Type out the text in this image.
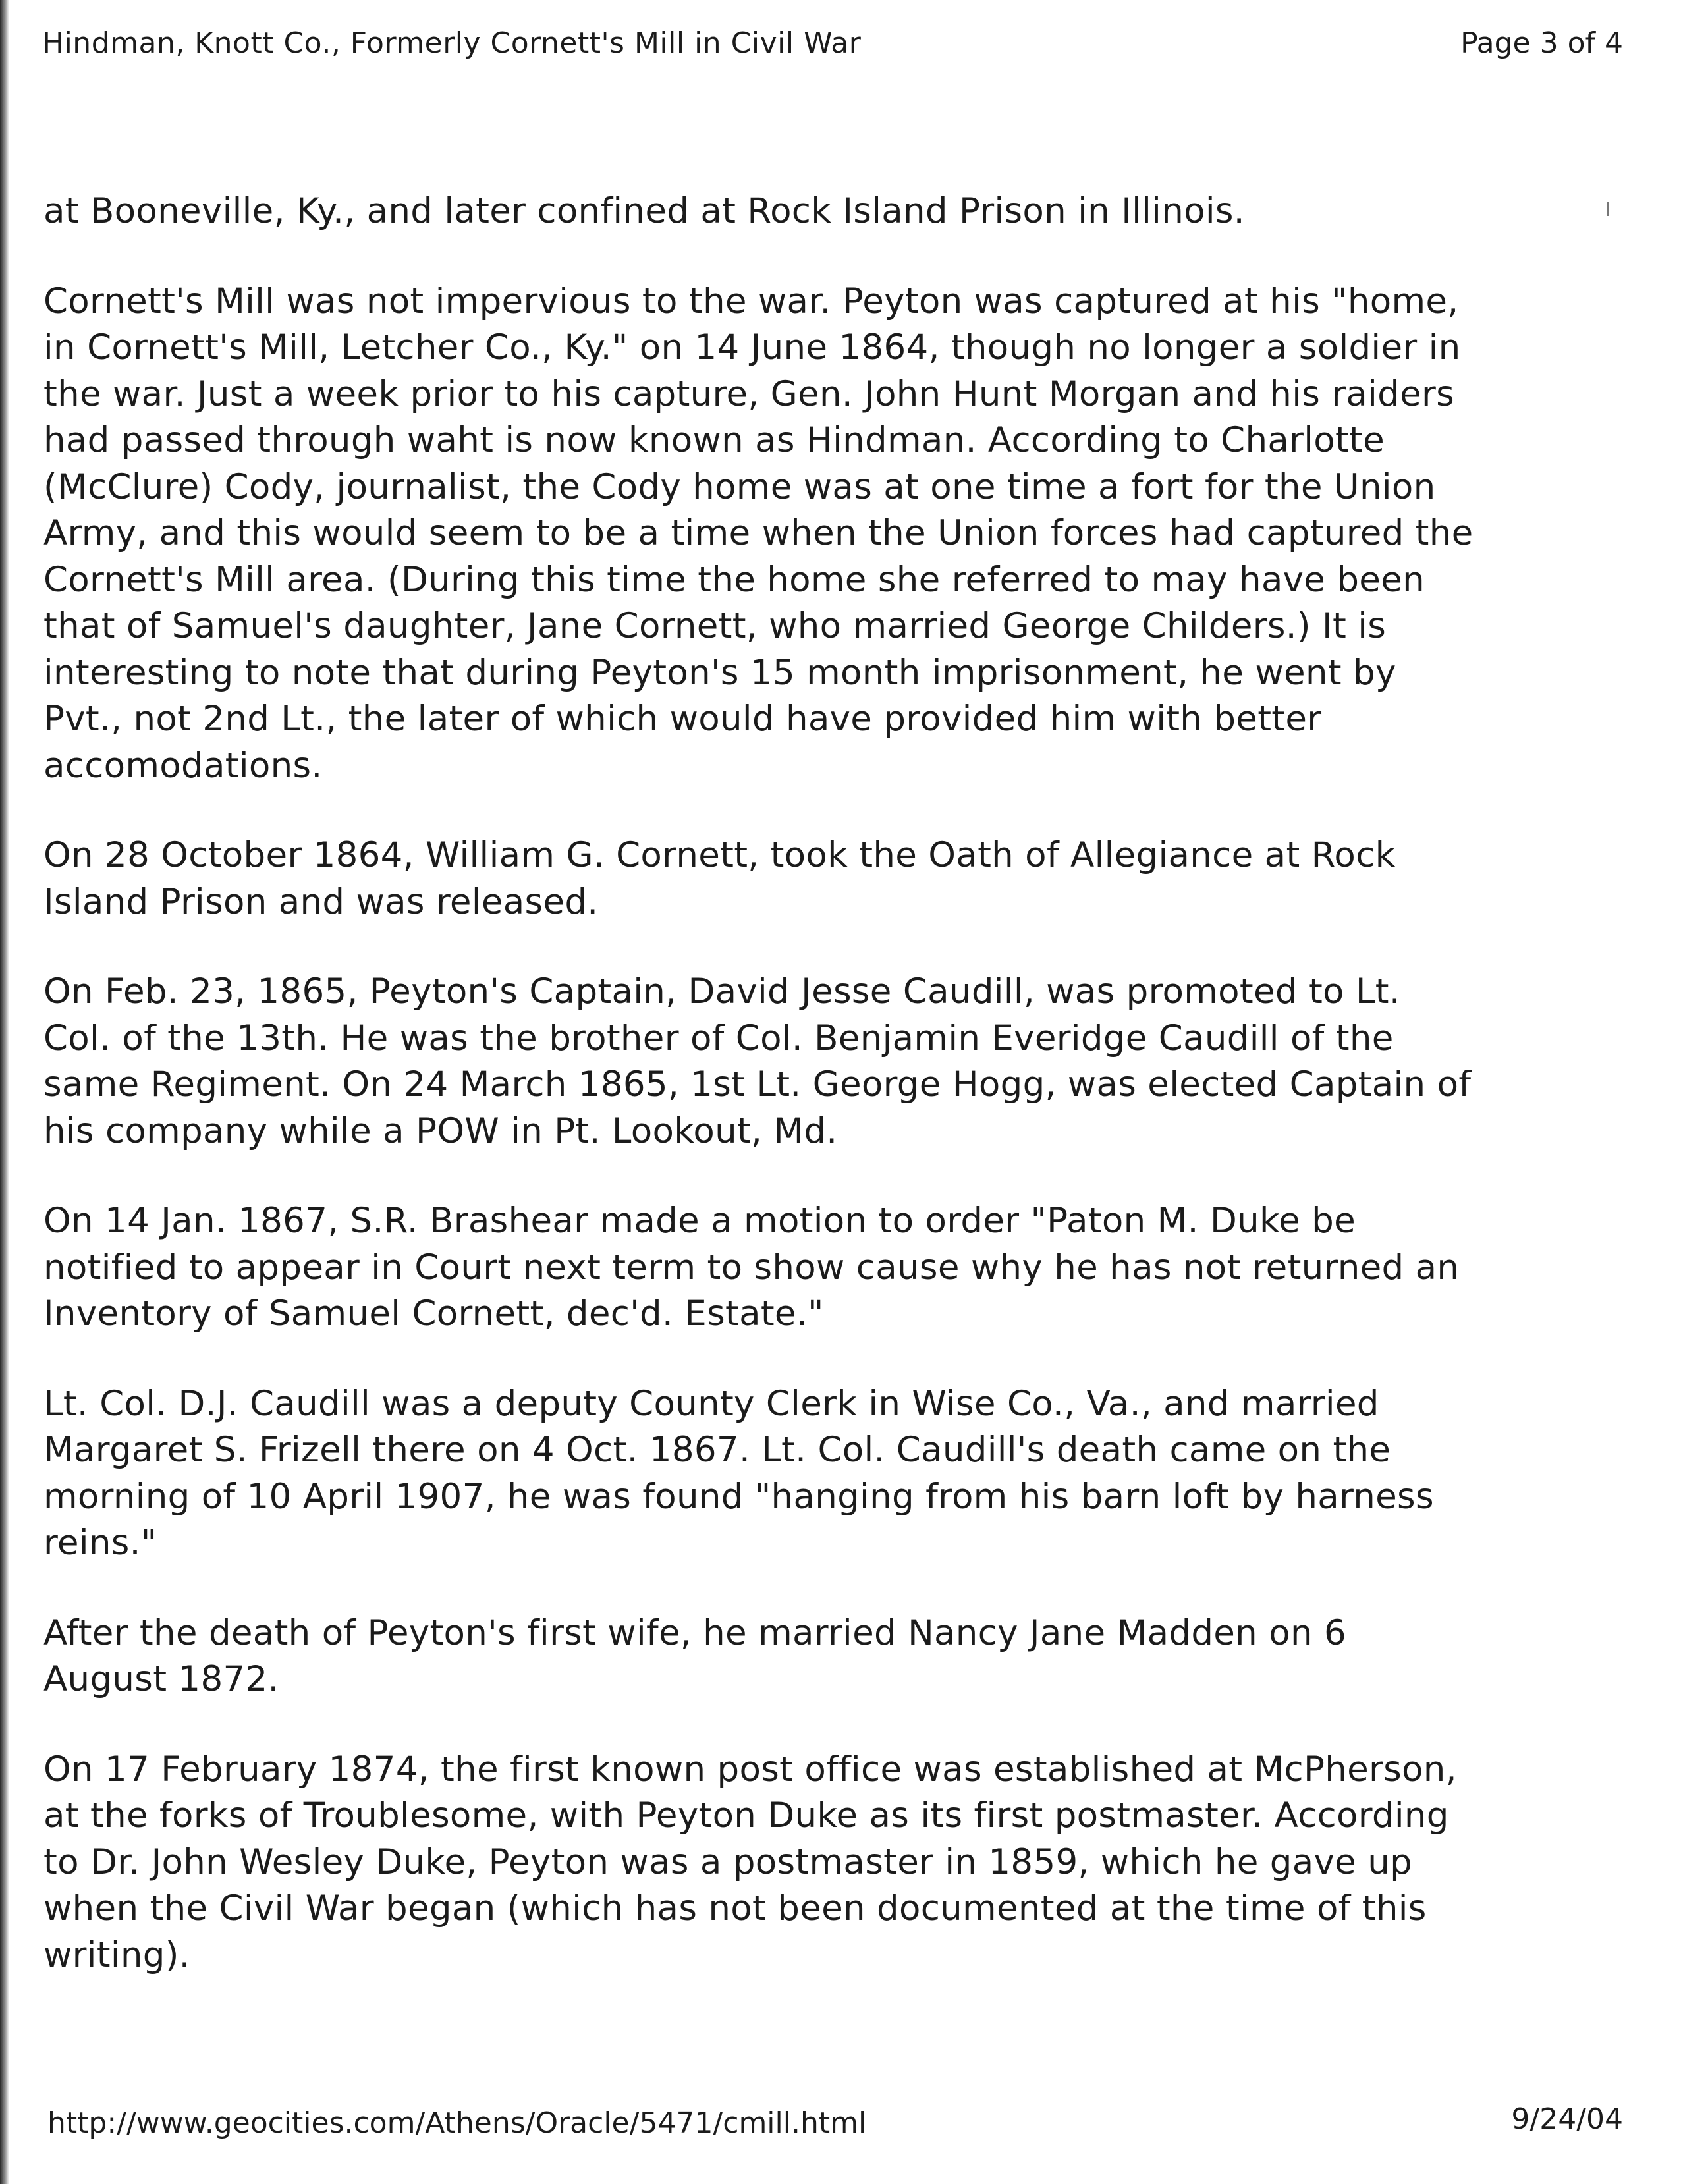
Hindman, Knott Co., Formerly Cornett's Mill in Civil War	Page 3 of 4

at Booneville, Ky., and later confined at Rock Island Prison in Illinois.

Cornett's Mill was not impervious to the war. Peyton was captured at his "home,
in Cornett's Mill, Letcher Co., Ky." on 14 June 1864, though no longer a soldier in
the war. Just a week prior to his capture, Gen. John Hunt Morgan and his raiders
had passed through waht is now known as Hindman. According to Charlotte
(McClure) Cody, journalist, the Cody home was at one time a fort for the Union
Army, and this would seem to be a time when the Union forces had captured the
Cornett's Mill area. (During this time the home she referred to may have been
that of Samuel's daughter, Jane Cornett, who married George Childers.) It is
interesting to note that during Peyton's 15 month imprisonment, he went by
Pvt., not 2nd Lt., the later of which would have provided him with better
accomodations.

On 28 October 1864, William G. Cornett, took the Oath of Allegiance at Rock
Island Prison and was released.

On Feb. 23, 1865, Peyton's Captain, David Jesse Caudill, was promoted to Lt.
Col. of the 13th. He was the brother of Col. Benjamin Everidge Caudill of the
same Regiment. On 24 March 1865, 1st Lt. George Hogg, was elected Captain of
his company while a POW in Pt. Lookout, Md.

On 14 Jan. 1867, S.R. Brashear made a motion to order "Paton M. Duke be
notified to appear in Court next term to show cause why he has not returned an
Inventory of Samuel Cornett, dec'd. Estate."

Lt. Col. D.J. Caudill was a deputy County Clerk in Wise Co., Va., and married
Margaret S. Frizell there on 4 Oct. 1867. Lt. Col. Caudill's death came on the
morning of 10 April 1907, he was found "hanging from his barn loft by harness
reins."

After the death of Peyton's first wife, he married Nancy Jane Madden on 6
August 1872.

On 17 February 1874, the first known post office was established at McPherson,
at the forks of Troublesome, with Peyton Duke as its first postmaster. According
to Dr. John Wesley Duke, Peyton was a postmaster in 1859, which he gave up
when the Civil War began (which has not been documented at the time of this
writing).

http://www.geocities.com/Athens/Oracle/5471/cmill.html	9/24/04
